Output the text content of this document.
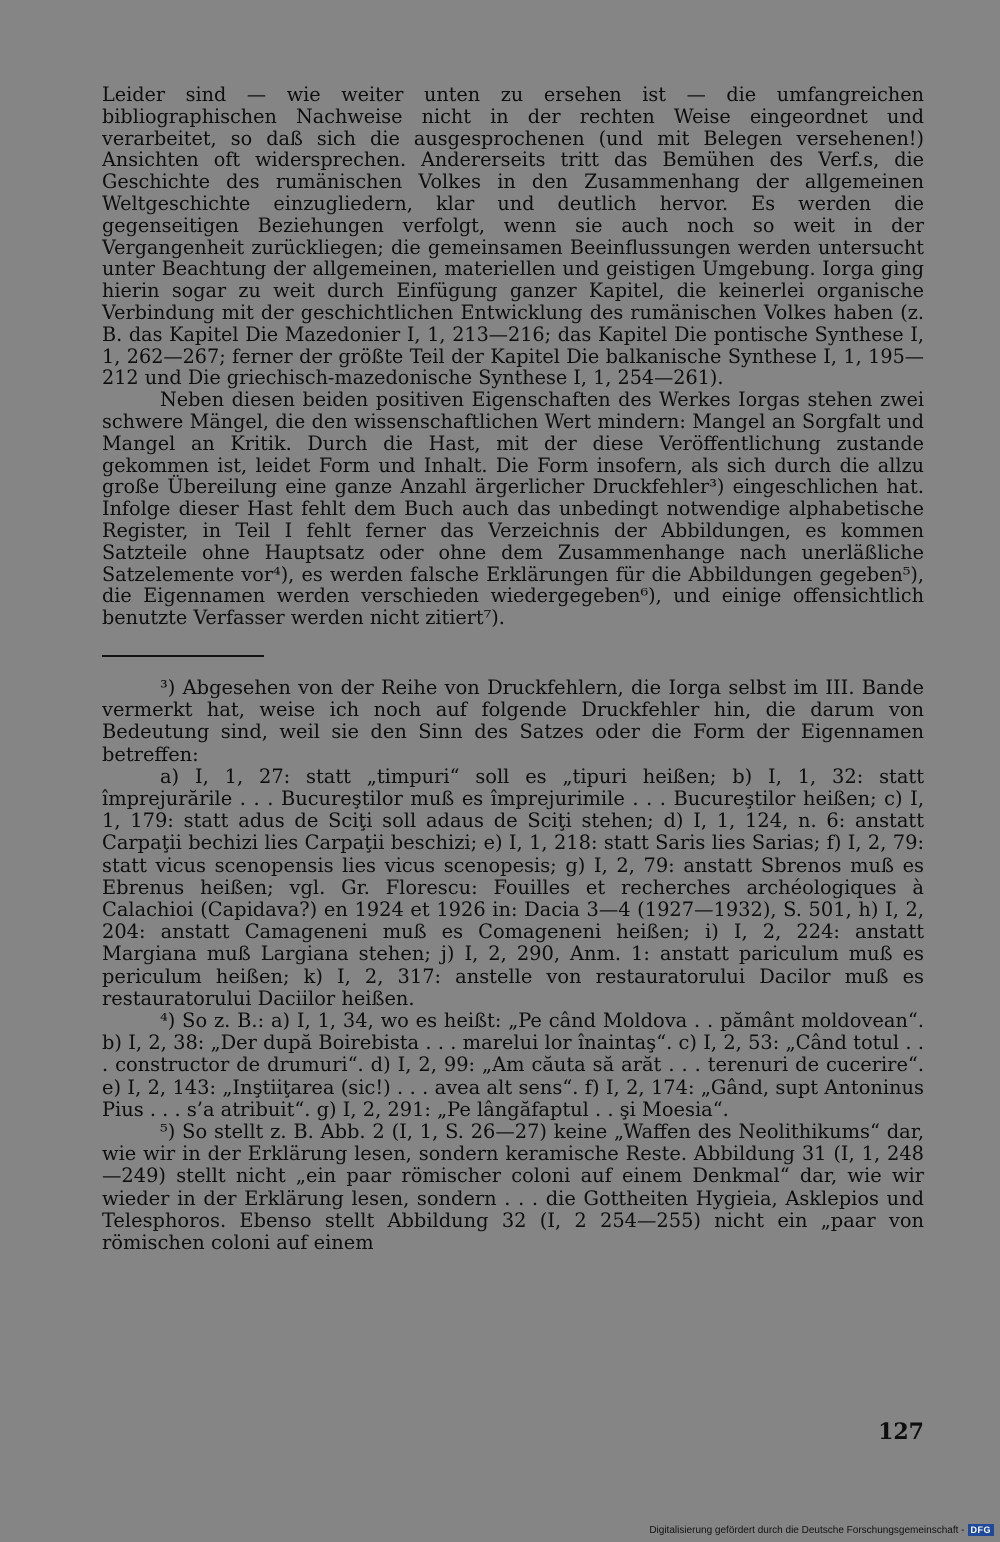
Leider sind — wie weiter unten zu ersehen ist — die umfangreichen bibliographischen Nachweise nicht in der rechten Weise eingeordnet und verarbeitet, so daß sich die ausgesprochenen (und mit Belegen versehenen!) Ansichten oft widersprechen. Andererseits tritt das Bemühen des Verf.s, die Geschichte des rumänischen Volkes in den Zusammenhang der allgemeinen Weltgeschichte einzugliedern, klar und deutlich hervor. Es werden die gegenseitigen Beziehungen verfolgt, wenn sie auch noch so weit in der Vergangenheit zurückliegen; die gemeinsamen Beeinflussungen werden untersucht unter Beachtung der allgemeinen, materiellen und geistigen Umgebung. Iorga ging hierin sogar zu weit durch Einfügung ganzer Kapitel, die keinerlei organische Verbindung mit der geschichtlichen Entwicklung des rumänischen Volkes haben (z. B. das Kapitel Die Mazedonier I, 1, 213—216; das Kapitel Die pontische Synthese I, 1, 262—267; ferner der größte Teil der Kapitel Die balkanische Synthese I, 1, 195—212 und Die griechisch-mazedonische Synthese I, 1, 254—261).

Neben diesen beiden positiven Eigenschaften des Werkes Iorgas stehen zwei schwere Mängel, die den wissenschaftlichen Wert mindern: Mangel an Sorgfalt und Mangel an Kritik. Durch die Hast, mit der diese Veröffentlichung zustande gekommen ist, leidet Form und Inhalt. Die Form insofern, als sich durch die allzu große Übereilung eine ganze Anzahl ärgerlicher Druckfehler³) eingeschlichen hat. Infolge dieser Hast fehlt dem Buch auch das unbedingt notwendige alphabetische Register, in Teil I fehlt ferner das Verzeichnis der Abbildungen, es kommen Satzteile ohne Hauptsatz oder ohne dem Zusammenhange nach unerläßliche Satzelemente vor⁴), es werden falsche Erklärungen für die Abbildungen gegeben⁵), die Eigennamen werden verschieden wiedergegeben⁶), und einige offensichtlich benutzte Verfasser werden nicht zitiert⁷).

³) Abgesehen von der Reihe von Druckfehlern, die Iorga selbst im III. Bande vermerkt hat, weise ich noch auf folgende Druckfehler hin, die darum von Bedeutung sind, weil sie den Sinn des Satzes oder die Form der Eigennamen betreffen:

a) I, 1, 27: statt „timpuri“ soll es „tipuri heißen; b) I, 1, 32: statt împrejurările . . . Bucureştilor muß es împrejurimile . . . Bucureştilor heißen; c) I, 1, 179: statt adus de Sciţi soll adaus de Sciţi stehen; d) I, 1, 124, n. 6: anstatt Carpaţii bechizi lies Carpaţii beschizi; e) I, 1, 218: statt Saris lies Sarias; f) I, 2, 79: statt vicus scenopensis lies vicus scenopesis; g) I, 2, 79: anstatt Sbrenos muß es Ebrenus heißen; vgl. Gr. Florescu: Fouilles et recherches archéologiques à Calachioi (Capidava?) en 1924 et 1926 in: Dacia 3—4 (1927—1932), S. 501, h) I, 2, 204: anstatt Camageneni muß es Comageneni heißen; i) I, 2, 224: anstatt Margiana muß Largiana stehen; j) I, 2, 290, Anm. 1: anstatt pariculum muß es periculum heißen; k) I, 2, 317: anstelle von restauratorului Dacilor muß es restauratorului Daciilor heißen.

⁴) So z. B.: a) I, 1, 34, wo es heißt: „Pe când Moldova . . pământ moldovean“. b) I, 2, 38: „Der după Boirebista . . . marelui lor înaintaş“. c) I, 2, 53: „Când totul . . . constructor de drumuri“. d) I, 2, 99: „Am căuta să arăt . . . terenuri de cucerire“. e) I, 2, 143: „Inştiiţarea (sic!) . . . avea alt sens“. f) I, 2, 174: „Gând, supt Antoninus Pius . . . s’a atribuit“. g) I, 2, 291: „Pe lângăfaptul . . şi Moesia“.

⁵) So stellt z. B. Abb. 2 (I, 1, S. 26—27) keine „Waffen des Neolithikums“ dar, wie wir in der Erklärung lesen, sondern keramische Reste. Abbildung 31 (I, 1, 248—249) stellt nicht „ein paar römischer coloni auf einem Denkmal“ dar, wie wir wieder in der Erklärung lesen, sondern . . . die Gottheiten Hygieia, Asklepios und Telesphoros. Ebenso stellt Abbildung 32 (I, 2 254—255) nicht ein „paar von römischen coloni auf einem

127
Digitalisierung gefördert durch die Deutsche Forschungsgemeinschaft - DFG
